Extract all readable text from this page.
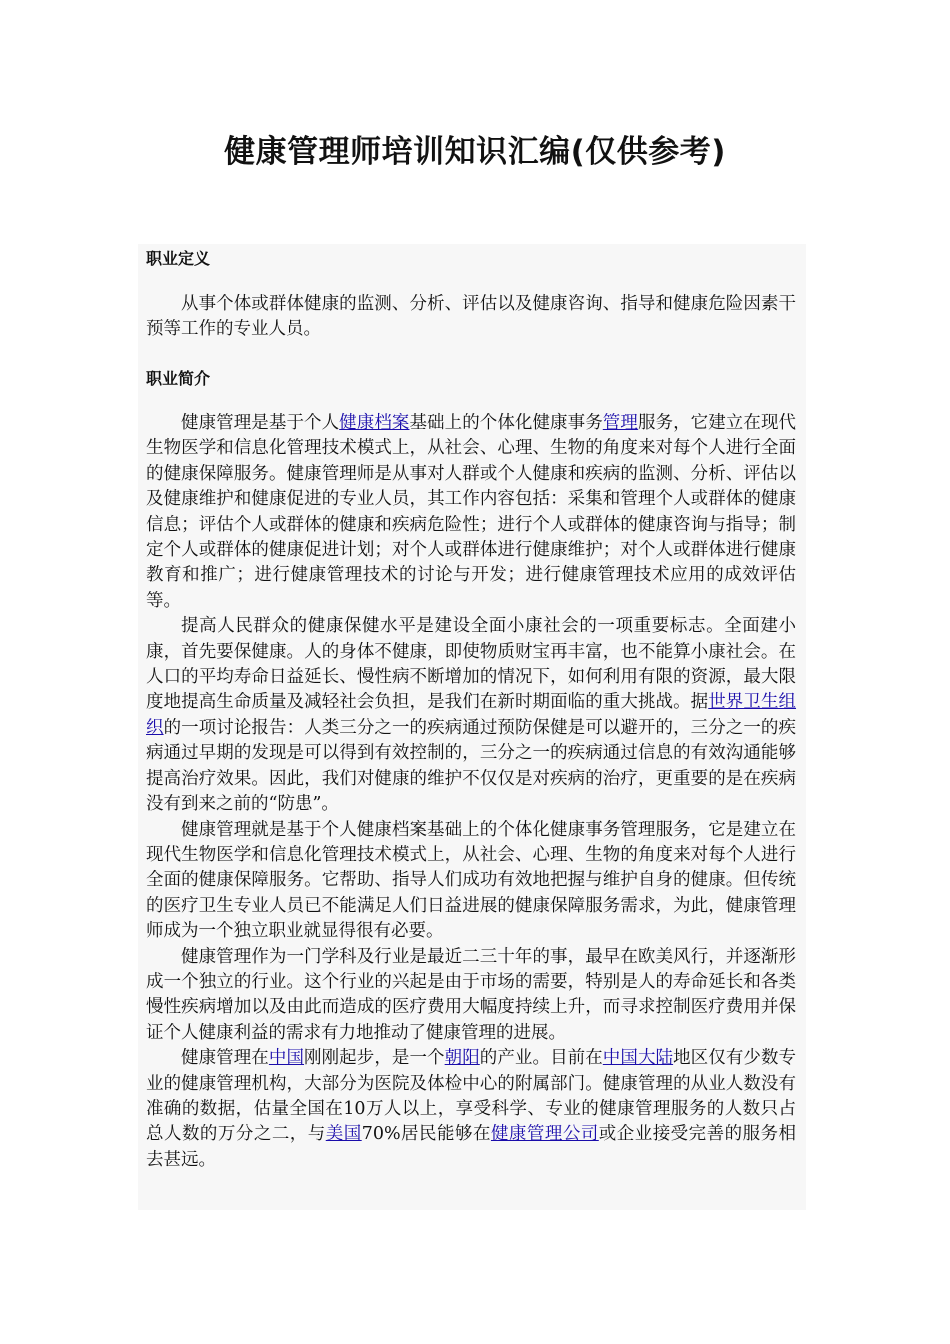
健康管理师培训知识汇编(仅供参考)
职业定义

从事个体或群体健康的监测、分析、评估以及健康咨询、指导和健康危险因素干预等工作的专业人员。

职业简介

健康管理是基于个人健康档案基础上的个体化健康事务管理服务，它建立在现代生物医学和信息化管理技术模式上，从社会、心理、生物的角度来对每个人进行全面的健康保障服务。健康管理师是从事对人群或个人健康和疾病的监测、分析、评估以及健康维护和健康促进的专业人员，其工作内容包括：采集和管理个人或群体的健康信息；评估个人或群体的健康和疾病危险性；进行个人或群体的健康咨询与指导；制定个人或群体的健康促进计划；对个人或群体进行健康维护；对个人或群体进行健康教育和推广；进行健康管理技术的讨论与开发；进行健康管理技术应用的成效评估等。

提高人民群众的健康保健水平是建设全面小康社会的一项重要标志。全面建小康，首先要保健康。人的身体不健康，即使物质财宝再丰富，也不能算小康社会。在人口的平均寿命日益延长、慢性病不断增加的情况下，如何利用有限的资源，最大限度地提高生命质量及减轻社会负担，是我们在新时期面临的重大挑战。据世界卫生组织的一项讨论报告：人类三分之一的疾病通过预防保健是可以避开的，三分之一的疾病通过早期的发现是可以得到有效控制的，三分之一的疾病通过信息的有效沟通能够提高治疗效果。因此，我们对健康的维护不仅仅是对疾病的治疗，更重要的是在疾病没有到来之前的“防患”。

健康管理就是基于个人健康档案基础上的个体化健康事务管理服务，它是建立在现代生物医学和信息化管理技术模式上，从社会、心理、生物的角度来对每个人进行全面的健康保障服务。它帮助、指导人们成功有效地把握与维护自身的健康。但传统的医疗卫生专业人员已不能满足人们日益进展的健康保障服务需求，为此，健康管理师成为一个独立职业就显得很有必要。

健康管理作为一门学科及行业是最近二三十年的事，最早在欧美风行，并逐渐形成一个独立的行业。这个行业的兴起是由于市场的需要，特别是人的寿命延长和各类慢性疾病增加以及由此而造成的医疗费用大幅度持续上升，而寻求控制医疗费用并保证个人健康利益的需求有力地推动了健康管理的进展。

健康管理在中国刚刚起步，是一个朝阳的产业。目前在中国大陆地区仅有少数专业的健康管理机构，大部分为医院及体检中心的附属部门。健康管理的从业人数没有准确的数据，估量全国在10万人以上，享受科学、专业的健康管理服务的人数只占总人数的万分之二，与美国70%居民能够在健康管理公司或企业接受完善的服务相去甚远。
